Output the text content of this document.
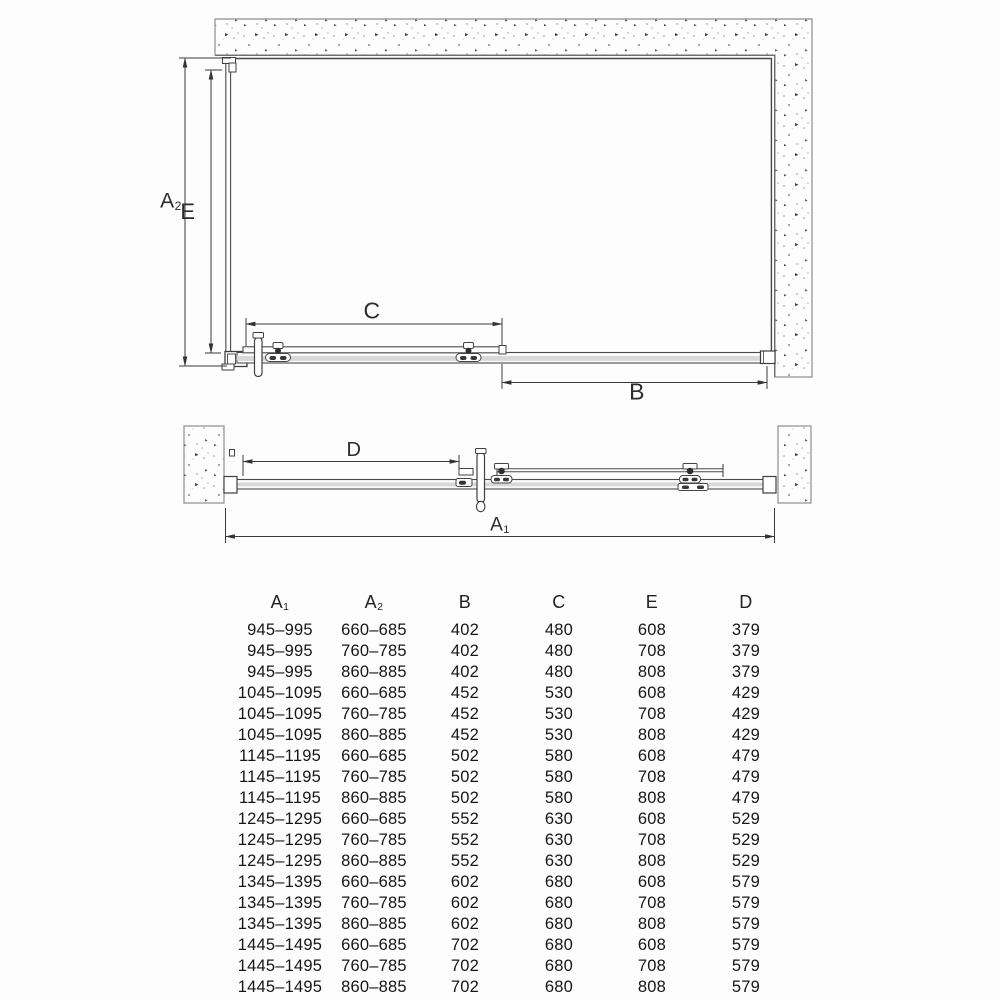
$A_2$
E
C
B
D
$A_1$
$A_1$	$A_2$	B	C	E	D
945–995	660–685	402	480	608	379
945–995	760–785	402	480	708	379
945–995	860–885	402	480	808	379
1045–1095	660–685	452	530	608	429
1045–1095	760–785	452	530	708	429
1045–1095	860–885	452	530	808	429
1145–1195	660–685	502	580	608	479
1145–1195	760–785	502	580	708	479
1145–1195	860–885	502	580	808	479
1245–1295	660–685	552	630	608	529
1245–1295	760–785	552	630	708	529
1245–1295	860–885	552	630	808	529
1345–1395	660–685	602	680	608	579
1345–1395	760–785	602	680	708	579
1345–1395	860–885	602	680	808	579
1445–1495	660–685	702	680	608	579
1445–1495	760–785	702	680	708	579
1445–1495	860–885	702	680	808	579
